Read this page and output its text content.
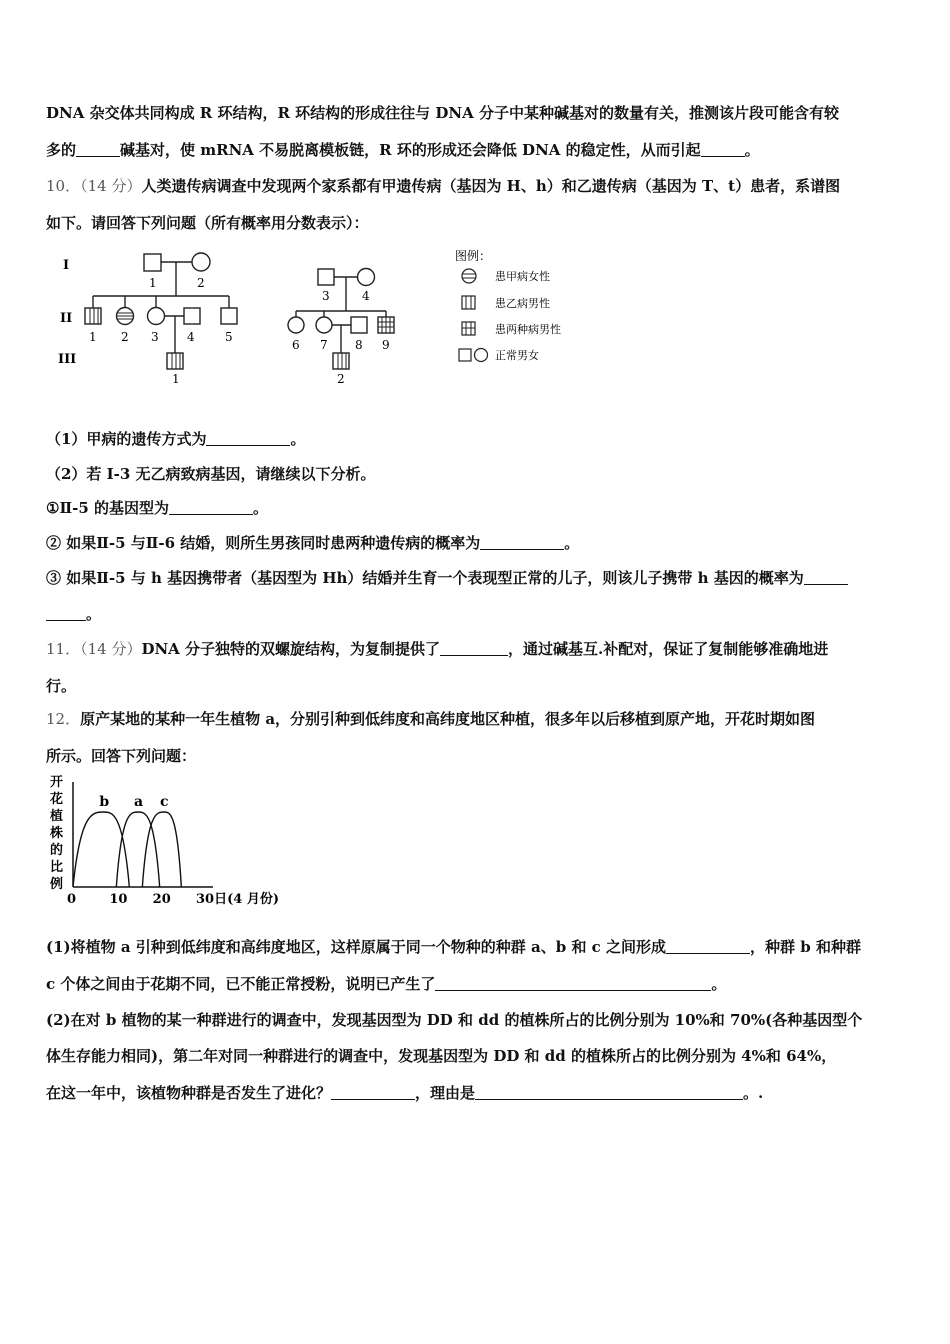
DNA 杂交体共同构成 R 环结构，R 环结构的形成往往与 DNA 分子中某种碱基对的数量有关，推测该片段可能含有较
多的	碱基对，使 mRNA 不易脱离模板链，R 环的形成还会降低 DNA 的稳定性，从而引起	。
10．（14 分）人类遗传病调查中发现两个家系都有甲遗传病（基因为 H、h）和乙遗传病（基因为 T、t）患者，系谱图
如下。请回答下列问题（所有概率用分数表示）：
I
II
III
1	2
1 2 3 4	5
1
3	4
6 7 8 9
2
图例：
患甲病女性
患乙病男性
患两种病男性
正常男女
（1）甲病的遗传方式为	。
（2）若 I-3 无乙病致病基因，请继续以下分析。
①Ⅱ-5 的基因型为	。
② 如果Ⅱ-5 与Ⅱ-6 结婚，则所生男孩同时患两种遗传病的概率为	。
③ 如果Ⅱ-5 与 h 基因携带者（基因型为 Hh）结婚并生育一个表现型正常的儿子，则该儿子携带 h 基因的概率为
。
11．（14 分）DNA 分子独特的双螺旋结构，为复制提供了	，通过碱基互.补配对，保证了复制能够准确地进
行。
12．原产某地的某种一年生植物 a，分别引种到低纬度和高纬度地区种植，很多年以后移植到原产地，开花时期如图
所示。回答下列问题：
开
花
植
株
的
比
例
b a c
0	10 20 30日(4 月份)
(1)将植物 a 引种到低纬度和高纬度地区，这样原属于同一个物种的种群 a、b 和 c 之间形成	，种群 b 和种群
c 个体之间由于花期不同，已不能正常授粉，说明已产生了	。
(2)在对 b 植物的某一种群进行的调查中，发现基因型为 DD 和 dd 的植株所占的比例分别为 10%和 70%(各种基因型个
体生存能力相同)，第二年对同一种群进行的调查中，发现基因型为 DD 和 dd 的植株所占的比例分别为 4%和 64%，
在这一年中，该植物种群是否发生了进化？	，理由是	。.
